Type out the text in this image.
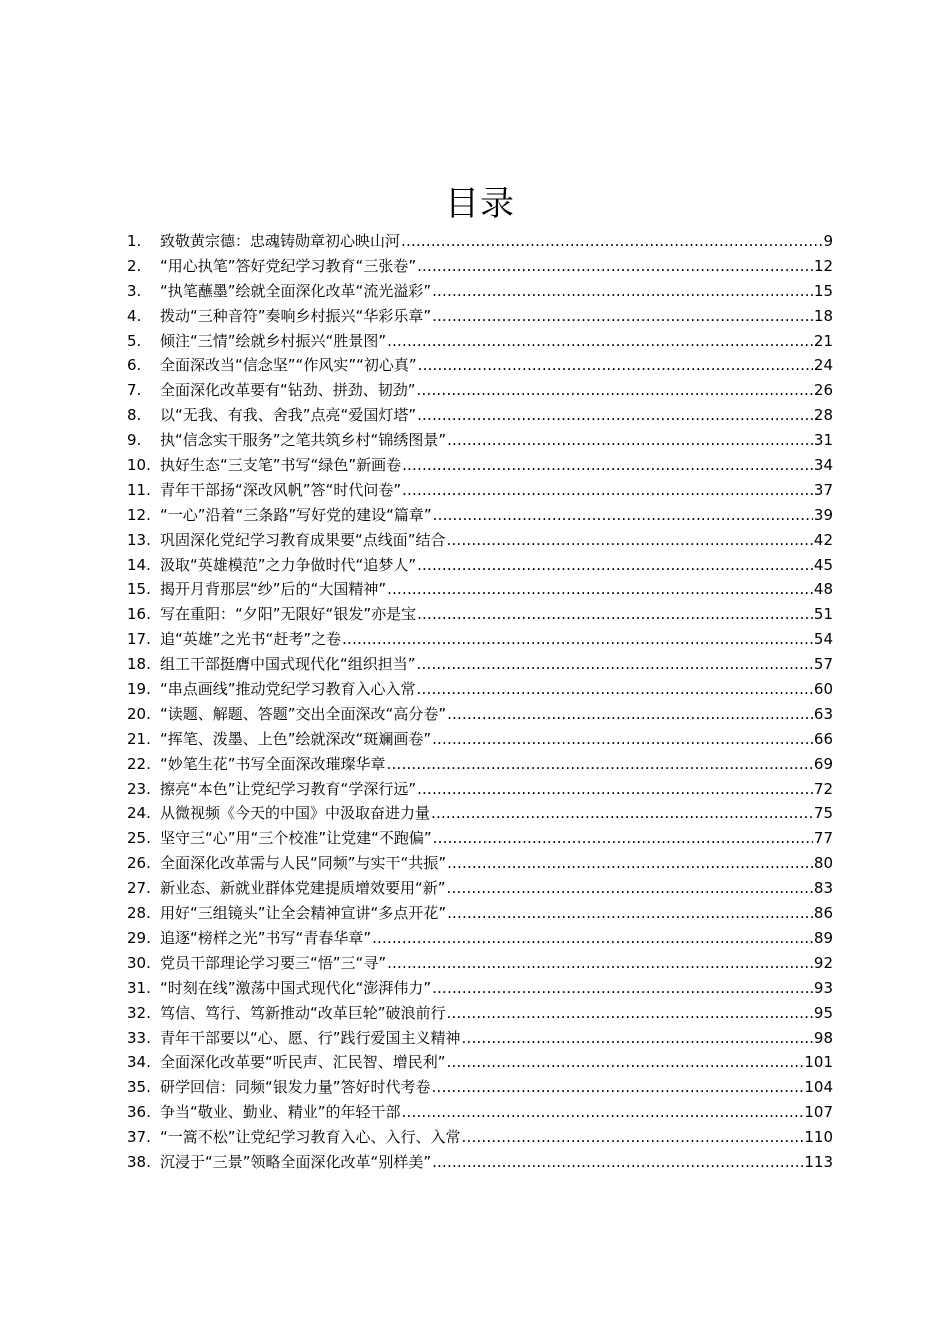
目录
1.	致敬黄宗德：忠魂铸勋章初心映山河 .....	9
2.	“用心执笔”答好党纪学习教育“三张卷” .....	12
3.	“执笔蘸墨”绘就全面深化改革“流光溢彩” .....	15
4.	拨动“三种音符”奏响乡村振兴“华彩乐章” .....	18
5.	倾注“三情”绘就乡村振兴“胜景图” .....	21
6.	全面深改当“信念坚”“作风实”“初心真” .....	24
7.	全面深化改革要有“钻劲、拼劲、韧劲” .....	26
8.	以“无我、有我、舍我”点亮“爱国灯塔” .....	28
9.	执“信念实干服务”之笔共筑乡村“锦绣图景” .....	31
10. 执好生态“三支笔”书写“绿色”新画卷 .....	34
11. 青年干部扬“深改风帆”答“时代问卷” .....	37
12. “一心”沿着“三条路”写好党的建设“篇章” .....	39
13. 巩固深化党纪学习教育成果要“点线面”结合 .....	42
14. 汲取“英雄模范”之力争做时代“追梦人” .....	45
15. 揭开月背那层“纱”后的“大国精神” .....	48
16. 写在重阳：“夕阳”无限好“银发”亦是宝 .....	51
17. 追“英雄”之光书“赶考”之卷 .....	54
18. 组工干部挺膺中国式现代化“组织担当” .....	57
19. “串点画线”推动党纪学习教育入心入常 .....	60
20. “读题、解题、答题”交出全面深改“高分卷” .....	63
21. “挥笔、泼墨、上色”绘就深改“斑斓画卷” .....	66
22. “妙笔生花”书写全面深改璀璨华章 .....	69
23. 擦亮“本色”让党纪学习教育“学深行远” .....	72
24. 从微视频《今天的中国》中汲取奋进力量 .....	75
25. 坚守三“心”用“三个校准”让党建“不跑偏” .....	77
26. 全面深化改革需与人民“同频”与实干“共振” .....	80
27. 新业态、新就业群体党建提质增效要用“新” .....	83
28. 用好“三组镜头”让全会精神宣讲“多点开花” .....	86
29. 追逐“榜样之光”书写“青春华章” .....	89
30. 党员干部理论学习要三“悟”三“寻” .....	92
31. “时刻在线”激荡中国式现代化“澎湃伟力” .....	93
32. 笃信、笃行、笃新推动“改革巨轮”破浪前行 .....	95
33. 青年干部要以“心、愿、行”践行爱国主义精神 .....	98
34. 全面深化改革要“听民声、汇民智、增民利” .....	101
35. 研学回信：同频“银发力量”答好时代考卷 .....	104
36. 争当“敬业、勤业、精业”的年轻干部 .....	107
37. “一篙不松”让党纪学习教育入心、入行、入常 .....	110
38. 沉浸于“三景”领略全面深化改革“别样美” .....	113
